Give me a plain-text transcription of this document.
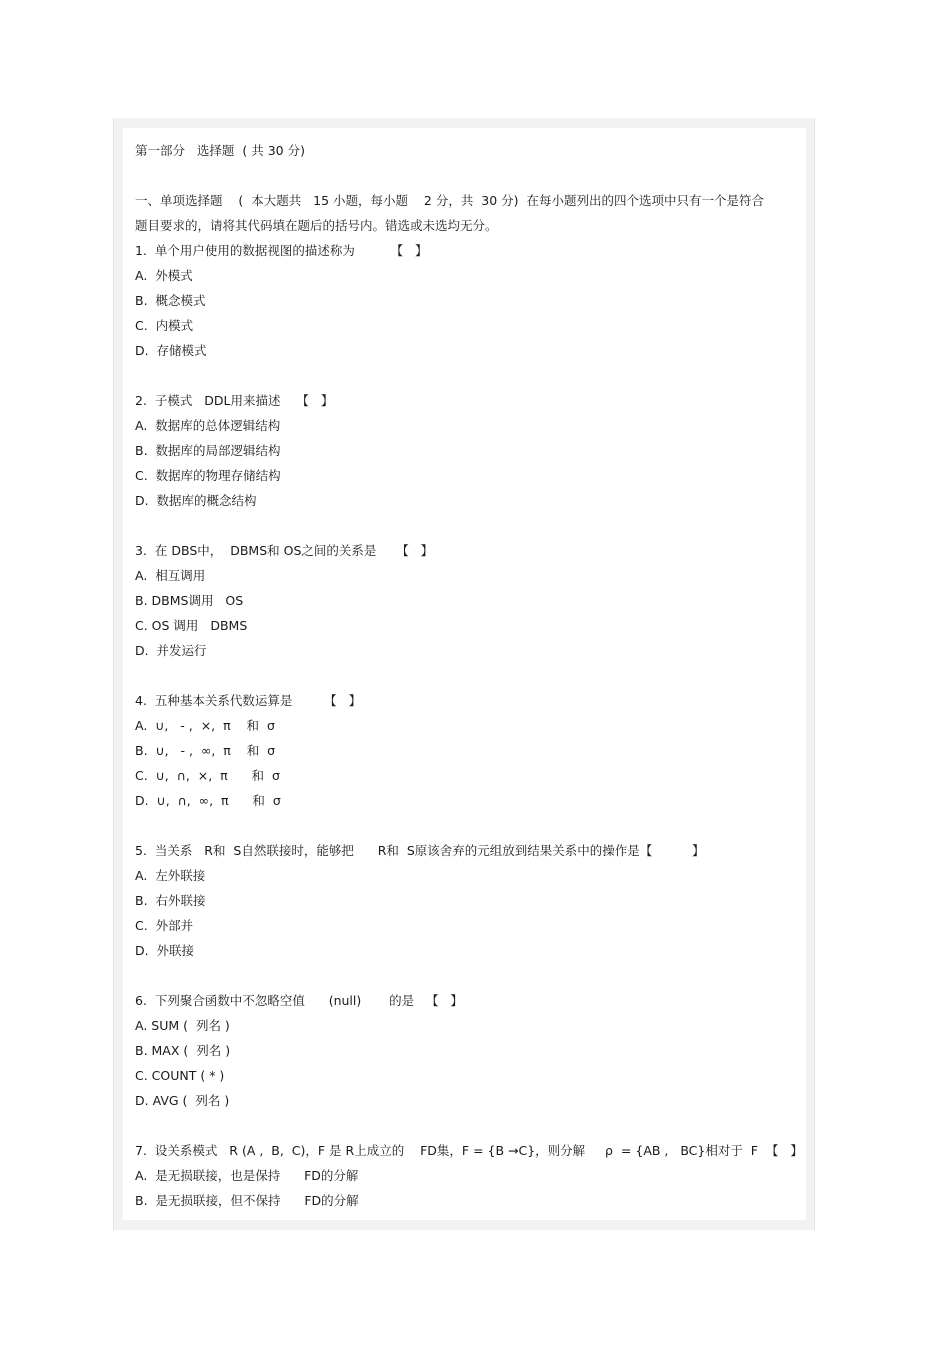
第一部分   选择题  ( 共 30 分)
一、单项选择题    (  本大题共   15 小题，每小题    2 分，共  30 分)  在每小题列出的四个选项中只有一个是符合
题目要求的，请将其代码填在题后的括号内。错选或未选均无分。
1.  单个用户使用的数据视图的描述称为         【   】
A.  外模式
B.  概念模式
C.  内模式
D.  存储模式
2.  子模式   DDL用来描述    【   】
A.  数据库的总体逻辑结构
B.  数据库的局部逻辑结构
C.  数据库的物理存储结构
D.  数据库的概念结构
3.  在 DBS中，  DBMS和 OS之间的关系是     【   】
A.  相互调用
B. DBMS调用   OS
C. OS 调用   DBMS
D.  并发运行
4.  五种基本关系代数运算是        【   】
A.  ∪,   - ,  ×,  π    和  σ
B.  ∪,   - ,  ∞,  π    和  σ
C.  ∪,  ∩,  ×,  π      和  σ
D.  ∪,  ∩,  ∞,  π      和  σ
5.  当关系   R和  S自然联接时，能够把      R和  S原该舍弃的元组放到结果关系中的操作是【          】
A.  左外联接
B.  右外联接
C.  外部并
D.  外联接
6.  下列聚合函数中不忽略空值      (null)       的是   【   】
A. SUM (  列名 )
B. MAX (  列名 )
C. COUNT ( * )
D. AVG (  列名 )
7.  设关系模式   R (A ,  B,  C)，F 是 R上成立的    FD集，F = {B →C}，则分解     ρ  = {AB ,   BC}相对于  F  【   】
A.  是无损联接，也是保持      FD的分解
B.  是无损联接，但不保持      FD的分解
